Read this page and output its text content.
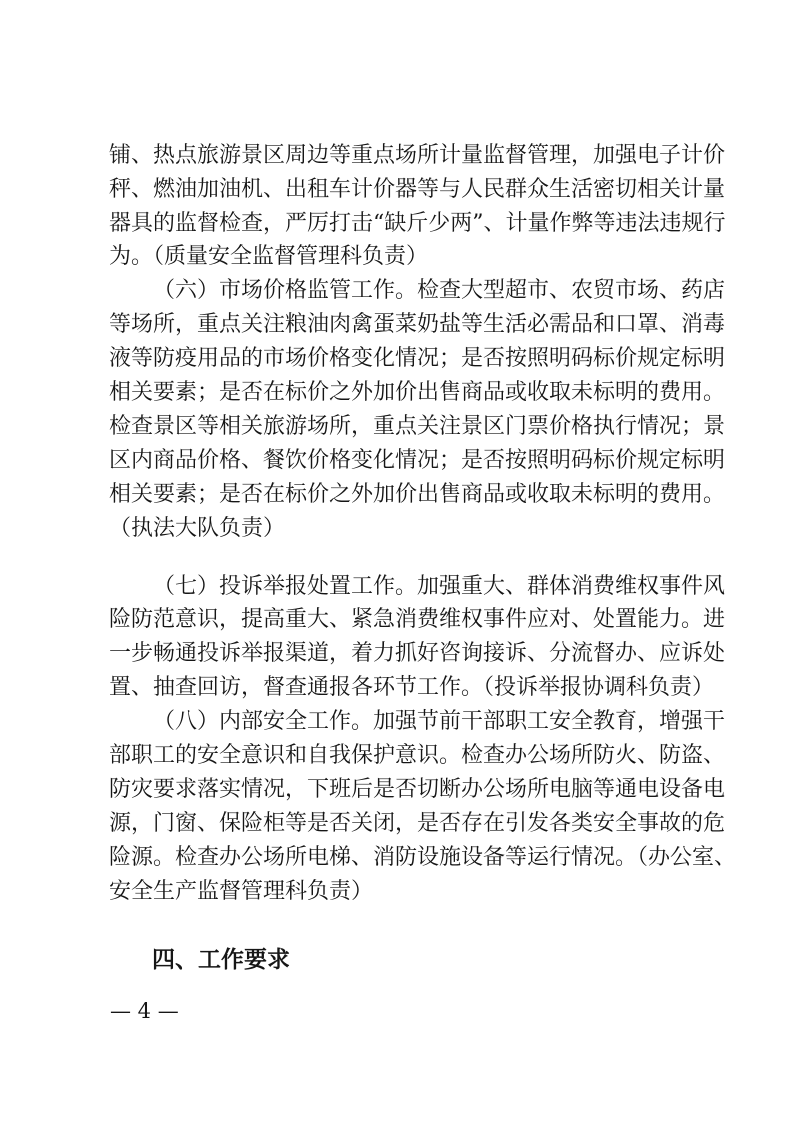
铺、热点旅游景区周边等重点场所计量监督管理，加强电子计价
秤、燃油加油机、出租车计价器等与人民群众生活密切相关计量
器具的监督检查，严厉打击“缺斤少两”、计量作弊等违法违规行
为。（质量安全监督管理科负责）
（六）市场价格监管工作。检查大型超市、农贸市场、药店
等场所，重点关注粮油肉禽蛋菜奶盐等生活必需品和口罩、消毒
液等防疫用品的市场价格变化情况；是否按照明码标价规定标明
相关要素；是否在标价之外加价出售商品或收取未标明的费用。
检查景区等相关旅游场所，重点关注景区门票价格执行情况；景
区内商品价格、餐饮价格变化情况；是否按照明码标价规定标明
相关要素；是否在标价之外加价出售商品或收取未标明的费用。
（执法大队负责）
（七）投诉举报处置工作。加强重大、群体消费维权事件风
险防范意识，提高重大、紧急消费维权事件应对、处置能力。进
一步畅通投诉举报渠道，着力抓好咨询接诉、分流督办、应诉处
置、抽查回访，督查通报各环节工作。（投诉举报协调科负责）
（八）内部安全工作。加强节前干部职工安全教育，增强干
部职工的安全意识和自我保护意识。检查办公场所防火、防盗、
防灾要求落实情况，下班后是否切断办公场所电脑等通电设备电
源，门窗、保险柜等是否关闭，是否存在引发各类安全事故的危
险源。检查办公场所电梯、消防设施设备等运行情况。（办公室、
安全生产监督管理科负责）
四、工作要求
— 4 —
